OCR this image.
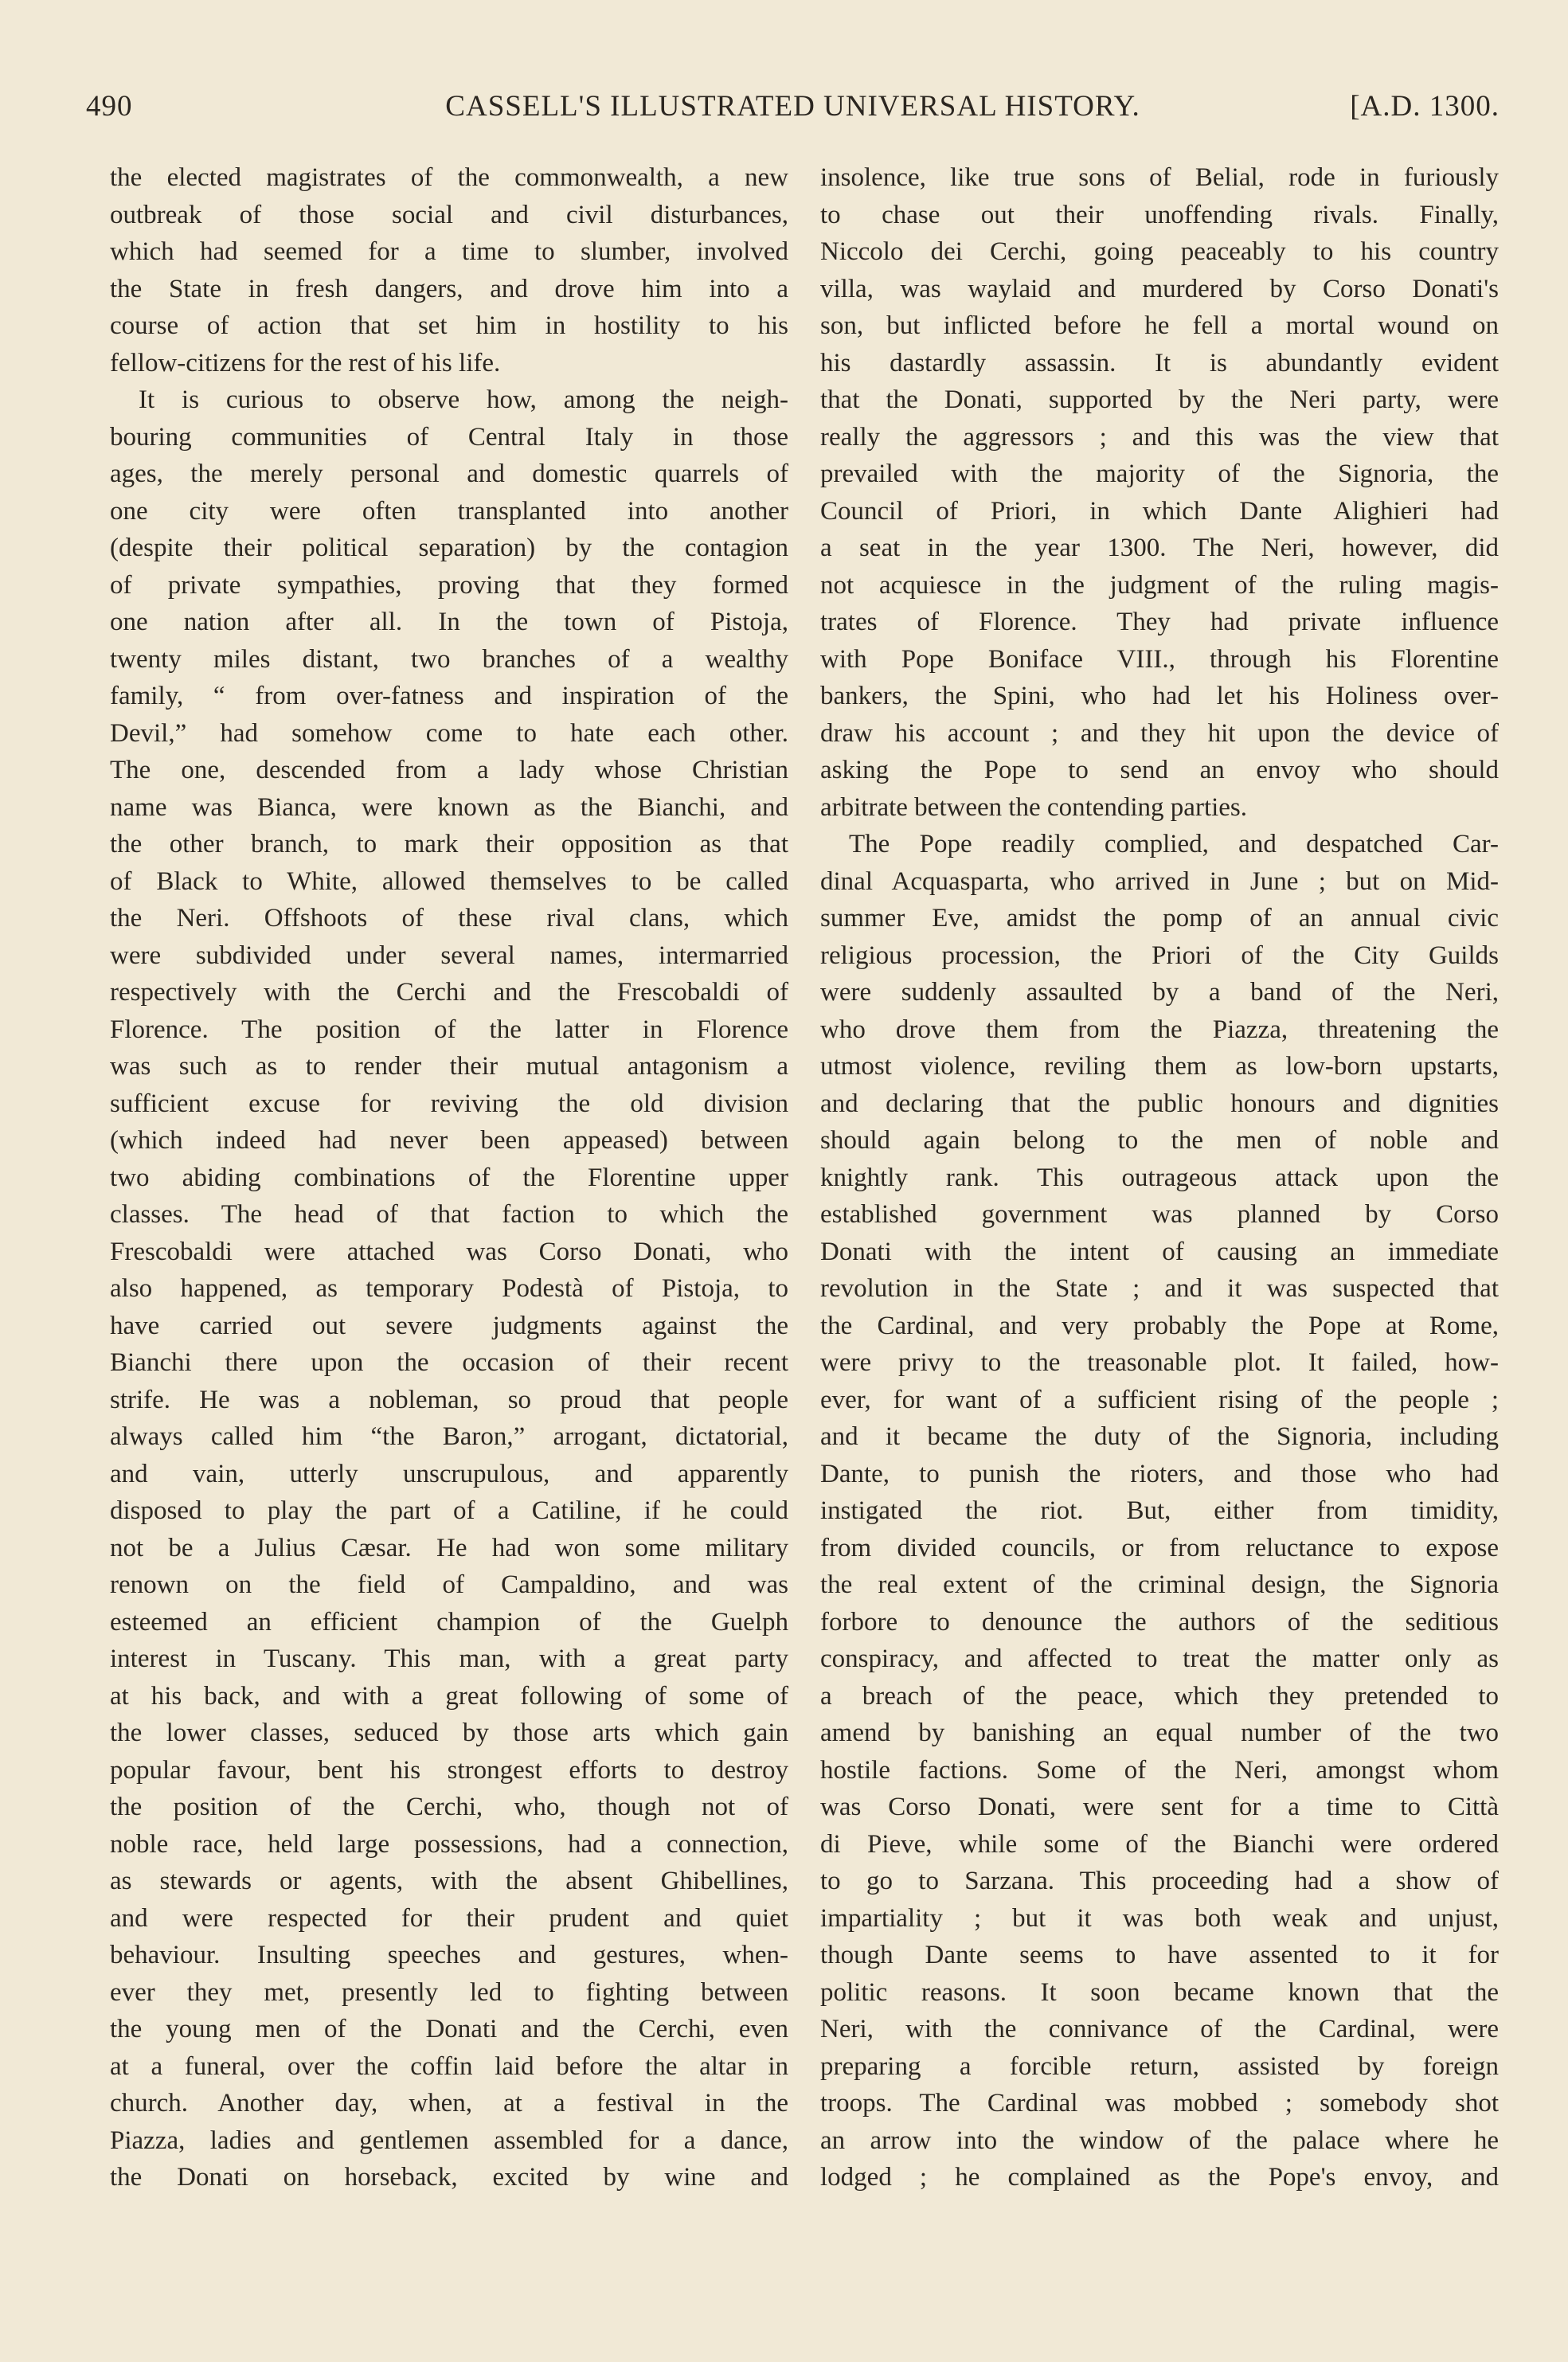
490	CASSELL'S ILLUSTRATED UNIVERSAL HISTORY.	[A.D. 1300.

the elected magistrates of the commonwealth, a new

outbreak of those social and civil disturbances,

which had seemed for a time to slumber, involved

the State in fresh dangers, and drove him into a

course of action that set him in hostility to his

fellow-citizens for the rest of his life.

It is curious to observe how, among the neigh-

bouring communities of Central Italy in those

ages, the merely personal and domestic quarrels of

one city were often transplanted into another

(despite their political separation) by the contagion

of private sympathies, proving that they formed

one nation after all. In the town of Pistoja,

twenty miles distant, two branches of a wealthy

family, “ from over-fatness and inspiration of the

Devil,” had somehow come to hate each other.

The one, descended from a lady whose Christian

name was Bianca, were known as the Bianchi, and

the other branch, to mark their opposition as that

of Black to White, allowed themselves to be called

the Neri. Offshoots of these rival clans, which

were subdivided under several names, intermarried

respectively with the Cerchi and the Frescobaldi of

Florence. The position of the latter in Florence

was such as to render their mutual antagonism a

sufficient excuse for reviving the old division

(which indeed had never been appeased) between

two abiding combinations of the Florentine upper

classes. The head of that faction to which the

Frescobaldi were attached was Corso Donati, who

also happened, as temporary Podestà of Pistoja, to

have carried out severe judgments against the

Bianchi there upon the occasion of their recent

strife. He was a nobleman, so proud that people

always called him “the Baron,” arrogant, dictatorial,

and vain, utterly unscrupulous, and apparently

disposed to play the part of a Catiline, if he could

not be a Julius Cæsar. He had won some military

renown on the field of Campaldino, and was

esteemed an efficient champion of the Guelph

interest in Tuscany. This man, with a great party

at his back, and with a great following of some of

the lower classes, seduced by those arts which gain

popular favour, bent his strongest efforts to destroy

the position of the Cerchi, who, though not of

noble race, held large possessions, had a connection,

as stewards or agents, with the absent Ghibellines,

and were respected for their prudent and quiet

behaviour. Insulting speeches and gestures, when-

ever they met, presently led to fighting between

the young men of the Donati and the Cerchi, even

at a funeral, over the coffin laid before the altar in

church. Another day, when, at a festival in the

Piazza, ladies and gentlemen assembled for a dance,

the Donati on horseback, excited by wine and

insolence, like true sons of Belial, rode in furiously

to chase out their unoffending rivals. Finally,

Niccolo dei Cerchi, going peaceably to his country

villa, was waylaid and murdered by Corso Donati's

son, but inflicted before he fell a mortal wound on

his dastardly assassin. It is abundantly evident

that the Donati, supported by the Neri party, were

really the aggressors ; and this was the view that

prevailed with the majority of the Signoria, the

Council of Priori, in which Dante Alighieri had

a seat in the year 1300. The Neri, however, did

not acquiesce in the judgment of the ruling magis-

trates of Florence. They had private influence

with Pope Boniface VIII., through his Florentine

bankers, the Spini, who had let his Holiness over-

draw his account ; and they hit upon the device of

asking the Pope to send an envoy who should

arbitrate between the contending parties.

The Pope readily complied, and despatched Car-

dinal Acquasparta, who arrived in June ; but on Mid-

summer Eve, amidst the pomp of an annual civic

religious procession, the Priori of the City Guilds

were suddenly assaulted by a band of the Neri,

who drove them from the Piazza, threatening the

utmost violence, reviling them as low-born upstarts,

and declaring that the public honours and dignities

should again belong to the men of noble and

knightly rank. This outrageous attack upon the

established government was planned by Corso

Donati with the intent of causing an immediate

revolution in the State ; and it was suspected that

the Cardinal, and very probably the Pope at Rome,

were privy to the treasonable plot. It failed, how-

ever, for want of a sufficient rising of the people ;

and it became the duty of the Signoria, including

Dante, to punish the rioters, and those who had

instigated the riot. But, either from timidity,

from divided councils, or from reluctance to expose

the real extent of the criminal design, the Signoria

forbore to denounce the authors of the seditious

conspiracy, and affected to treat the matter only as

a breach of the peace, which they pretended to

amend by banishing an equal number of the two

hostile factions. Some of the Neri, amongst whom

was Corso Donati, were sent for a time to Città

di Pieve, while some of the Bianchi were ordered

to go to Sarzana. This proceeding had a show of

impartiality ; but it was both weak and unjust,

though Dante seems to have assented to it for

politic reasons. It soon became known that the

Neri, with the connivance of the Cardinal, were

preparing a forcible return, assisted by foreign

troops. The Cardinal was mobbed ; somebody shot

an arrow into the window of the palace where he

lodged ; he complained as the Pope's envoy, and
